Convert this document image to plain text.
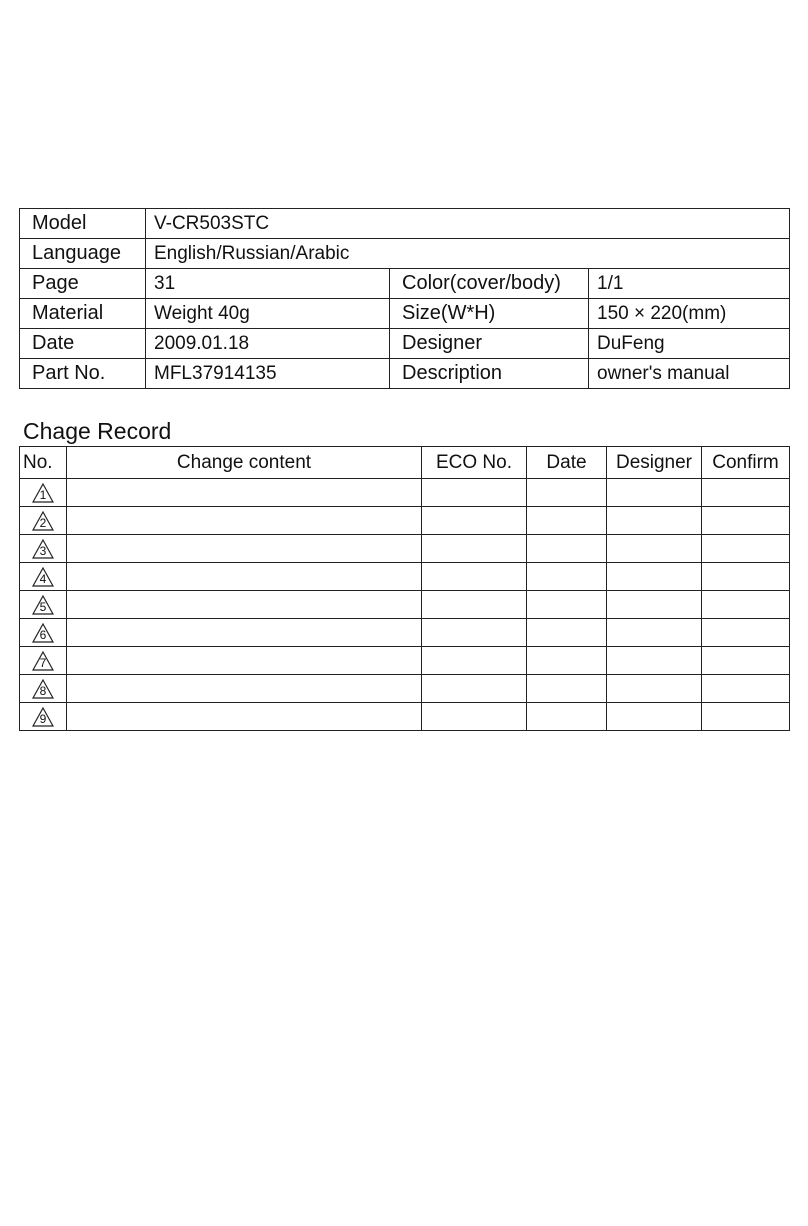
Model	V-CR503STC		
Language	English/Russian/Arabic		
Page	31	Color(cover/body)	1/1
Material	Weight 40g	Size(W*H)	150 × 220(mm)
Date	2009.01.18	Designer	DuFeng
Part No.	MFL37914135	Description	owner's manual
Chage Record
No.	Change content	ECO No.	Date	Designer	Confirm

1					

2					

3					

4					

5					

6					

7					

8					

9					
